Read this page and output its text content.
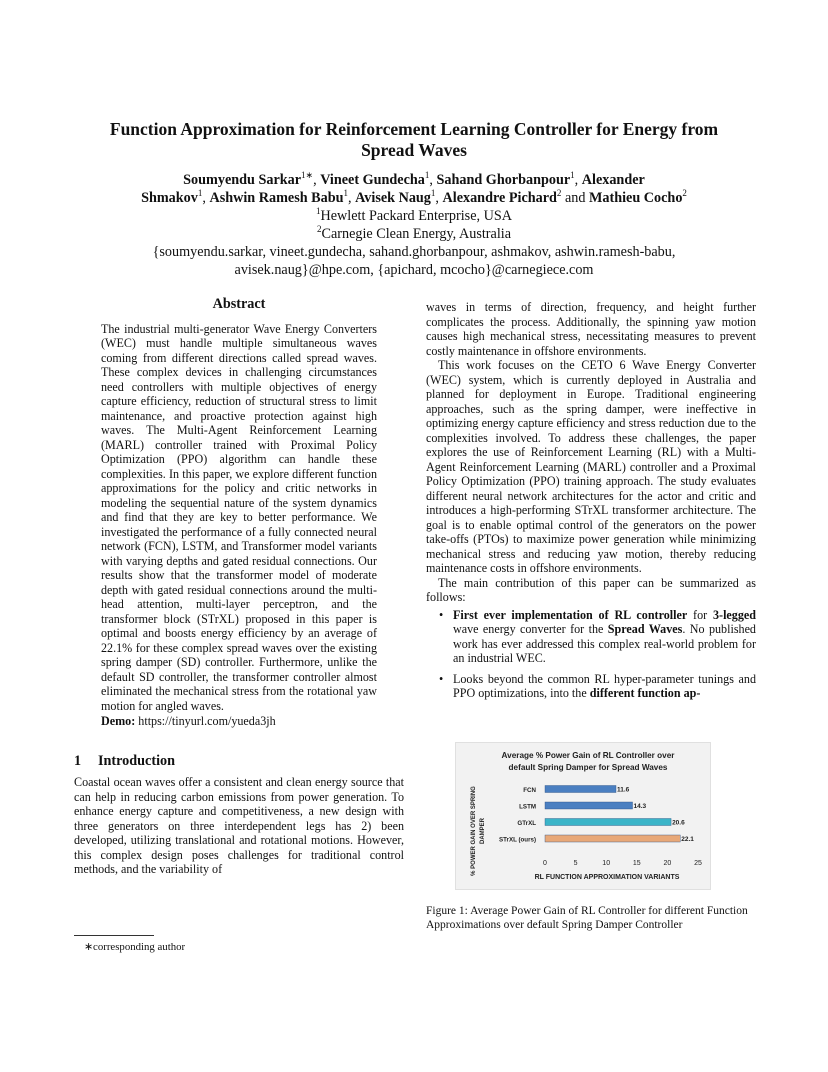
Function Approximation for Reinforcement Learning Controller for Energy from
Spread Waves
Soumyendu Sarkar$^{1∗}$, Vineet Gundecha$^1$, Sahand Ghorbanpour$^1$, Alexander
Shmakov$^1$, Ashwin Ramesh Babu$^1$, Avisek Naug$^1$, Alexandre Pichard$^2$ and Mathieu Cocho$^2$
$^1$Hewlett Packard Enterprise, USA
$^2$Carnegie Clean Energy, Australia
{soumyendu.sarkar, vineet.gundecha, sahand.ghorbanpour, ashmakov, ashwin.ramesh-babu,
avisek.naug}@hpe.com, {apichard, mcocho}@carnegiece.com
Abstract

The industrial multi-generator Wave Energy Converters (WEC) must handle multiple simultaneous waves coming from different directions called spread waves. These complex devices in challenging circumstances need controllers with multiple objectives of energy capture efficiency, reduction of structural stress to limit maintenance, and proactive protection against high waves. The Multi-Agent Reinforcement Learning (MARL) controller trained with Proximal Policy Optimization (PPO) algorithm can handle these complexities. In this paper, we explore different function approximations for the policy and critic networks in modeling the sequential nature of the system dynamics and find that they are key to better performance. We investigated the performance of a fully connected neural network (FCN), LSTM, and Transformer model variants with varying depths and gated residual connections. Our results show that the transformer model of moderate depth with gated residual connections around the multi-head attention, multi-layer perceptron, and the transformer block (STrXL) proposed in this paper is optimal and boosts energy efficiency by an average of 22.1% for these complex spread waves over the existing spring damper (SD) controller. Furthermore, unlike the default SD controller, the transformer controller almost eliminated the mechanical stress from the rotational yaw motion for angled waves.

Demo: https://tinyurl.com/yueda3jh

1 Introduction

Coastal ocean waves offer a consistent and clean energy source that can help in reducing carbon emissions from power generation. To enhance energy capture and competitiveness, a new design with three generators on three interdependent legs has 2) been developed, utilizing translational and rotational motions. However, this complex design poses challenges for traditional control methods, and the variability of

waves in terms of direction, frequency, and height further complicates the process. Additionally, the spinning yaw motion causes high mechanical stress, necessitating measures to prevent costly maintenance in offshore environments.

This work focuses on the CETO 6 Wave Energy Converter (WEC) system, which is currently deployed in Australia and planned for deployment in Europe. Traditional engineering approaches, such as the spring damper, were ineffective in optimizing energy capture efficiency and stress reduction due to the complexities involved. To address these challenges, the paper explores the use of Reinforcement Learning (RL) with a Multi-Agent Reinforcement Learning (MARL) controller and a Proximal Policy Optimization (PPO) training approach. The study evaluates different neural network architectures for the actor and critic and introduces a high-performing STrXL transformer architecture. The goal is to enable optimal control of the generators on the power take-offs (PTOs) to maximize power generation while minimizing mechanical stress and reducing yaw motion, thereby reducing maintenance costs in offshore environments.

The main contribution of this paper can be summarized as follows:

• First ever implementation of RL controller for 3-legged wave energy converter for the Spread Waves. No published work has ever addressed this complex real-world problem for an industrial WEC.
• Looks beyond the common RL hyper-parameter tunings and PPO optimizations, into the different function ap-
Average % Power Gain of RL Controller over
default Spring Damper for Spread Waves
% POWER GAIN OVER SPRING DAMPER
FCN	11.6
LSTM	14.3
GTrXL	20.6
STrXL (ours)	22.1
0	5	10	15	20	25
RL FUNCTION APPROXIMATION VARIANTS
Figure 1: Average Power Gain of RL Controller for different Function Approximations over default Spring Damper Controller
∗corresponding author
